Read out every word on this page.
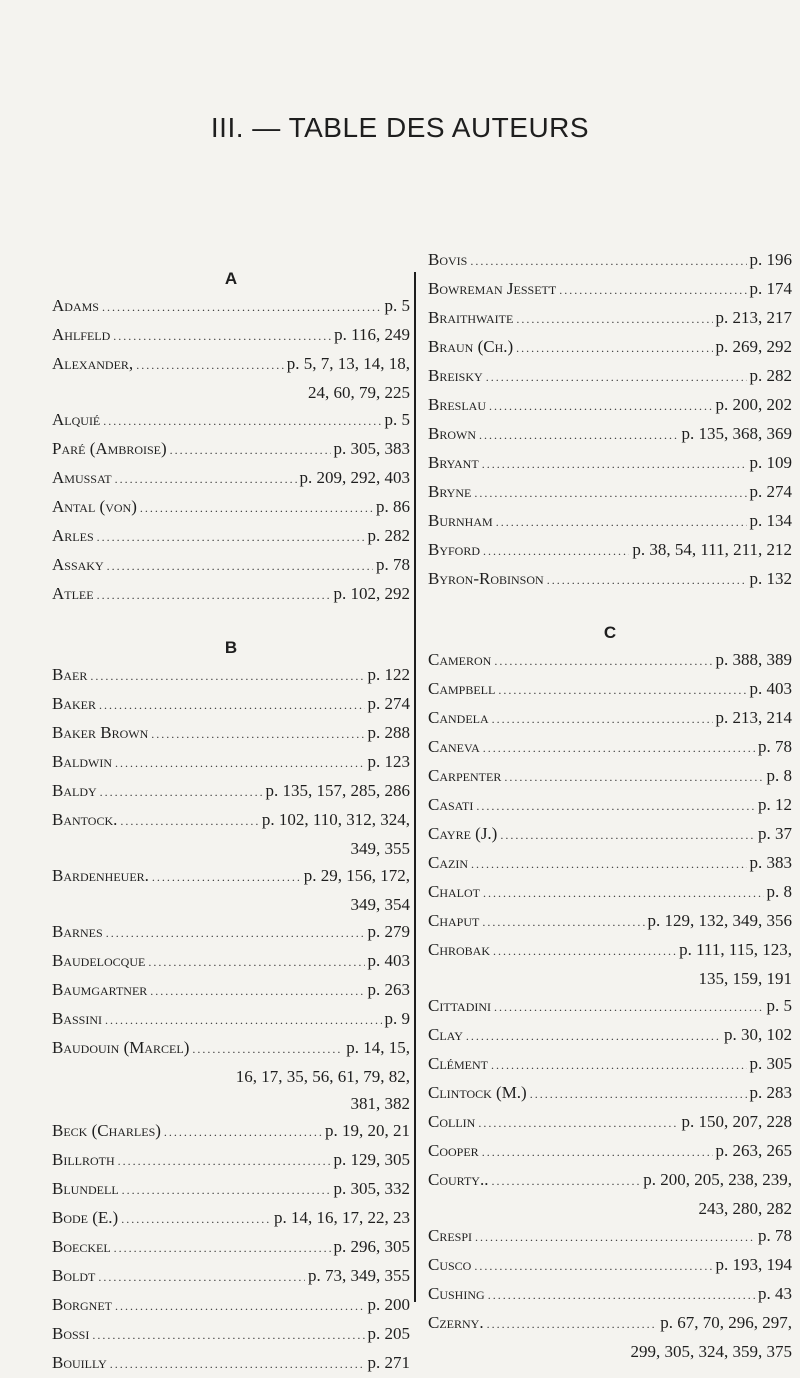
III. — TABLE DES AUTEURS
A
Adams .....	p. 5
Ahlfeld .....	p. 116, 249
Alexander, .....	p. 5, 7, 13, 14, 18,
24, 60, 79, 225
Alquié .....	p. 5
Paré (Ambroise) .....	p. 305, 383
Amussat .....	p. 209, 292, 403
Antal (von) .....	p. 86
Arles .....	p. 282
Assaky .....	p. 78
Atlee .....	p. 102, 292
B
Baer .....	p. 122
Baker .....	p. 274
Baker Brown .....	p. 288
Baldwin .....	p. 123
Baldy .....	p. 135, 157, 285, 286
Bantock. .....	p. 102, 110, 312, 324,
349, 355
Bardenheuer. .....	p. 29, 156, 172,
349, 354
Barnes .....	p. 279
Baudelocque .....	p. 403
Baumgartner .....	p. 263
Bassini .....	p. 9
Baudouin (Marcel) .....	p. 14, 15,
16, 17, 35, 56, 61, 79, 82,
381, 382
Beck (Charles) .....	p. 19, 20, 21
Billroth .....	p. 129, 305
Blundell .....	p. 305, 332
Bode (E.) .....	p. 14, 16, 17, 22, 23
Boeckel .....	p. 296, 305
Boldt .....	p. 73, 349, 355
Borgnet .....	p. 200
Bossi .....	p. 205
Bouilly .....	p. 271
Bovis .....	p. 196
Bowreman Jessett .....	p. 174
Braithwaite .....	p. 213, 217
Braun (Ch.) .....	p. 269, 292
Breisky .....	p. 282
Breslau .....	p. 200, 202
Brown .....	p. 135, 368, 369
Bryant .....	p. 109
Bryne .....	p. 274
Burnham .....	p. 134
Byford .....	p. 38, 54, 111, 211, 212
Byron-Robinson .....	p. 132
C
Cameron .....	p. 388, 389
Campbell .....	p. 403
Candela .....	p. 213, 214
Caneva .....	p. 78
Carpenter .....	p. 8
Casati .....	p. 12
Cayre (J.) .....	p. 37
Cazin .....	p. 383
Chalot .....	p. 8
Chaput .....	p. 129, 132, 349, 356
Chrobak .....	p. 111, 115, 123,
135, 159, 191
Cittadini .....	p. 5
Clay .....	p. 30, 102
Clément .....	p. 305
Clintock (M.) .....	p. 283
Collin .....	p. 150, 207, 228
Cooper .....	p. 263, 265
Courty.. .....	p. 200, 205, 238, 239,
243, 280, 282
Crespi .....	p. 78
Cusco .....	p. 193, 194
Cushing .....	p. 43
Czerny. .....	p. 67, 70, 296, 297,
299, 305, 324, 359, 375
